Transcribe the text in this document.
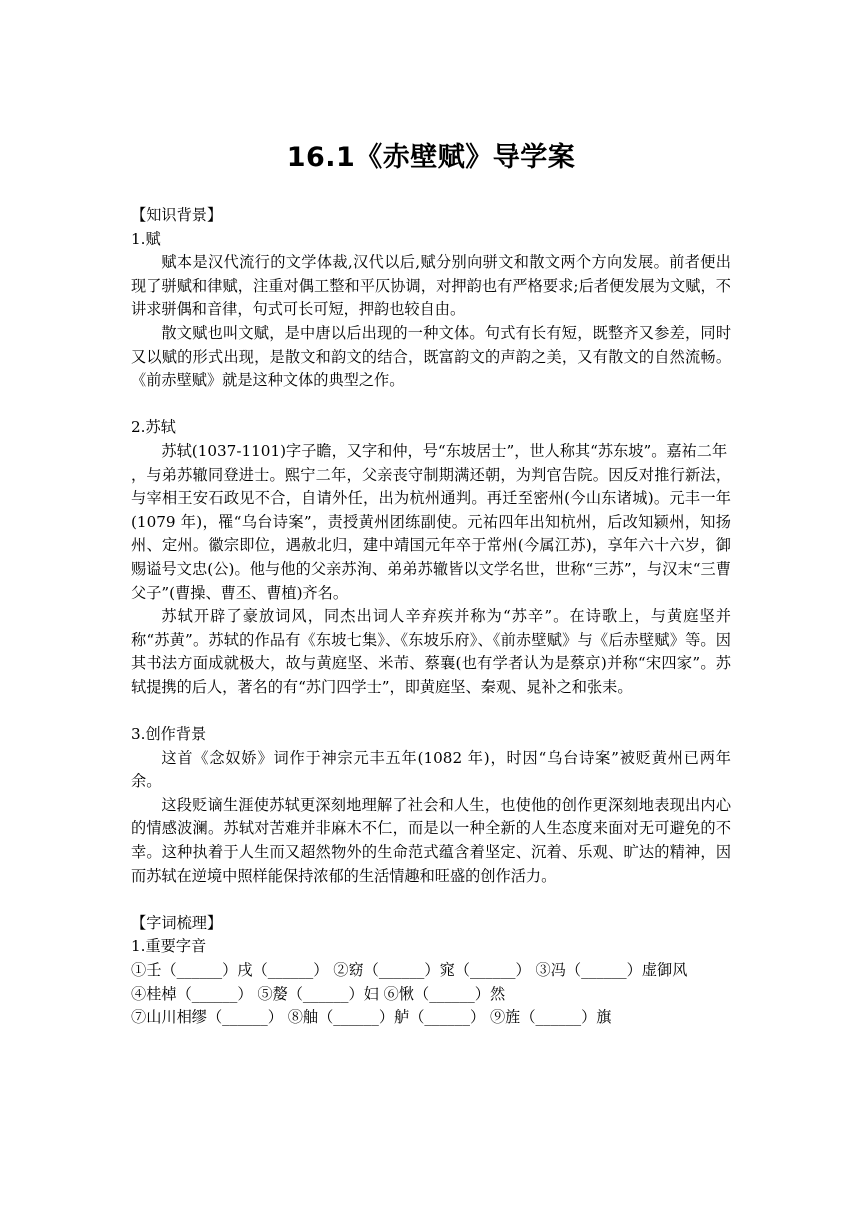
16.1《赤壁赋》导学案

【知识背景】

1.赋

赋本是汉代流行的文学体裁,汉代以后,赋分别向骈文和散文两个方向发展。前者便出现了骈赋和律赋，注重对偶工整和平仄协调，对押韵也有严格要求;后者便发展为文赋，不讲求骈偶和音律，句式可长可短，押韵也较自由。

散文赋也叫文赋，是中唐以后出现的一种文体。句式有长有短，既整齐又参差，同时又以赋的形式出现，是散文和韵文的结合，既富韵文的声韵之美，又有散文的自然流畅。《前赤壁赋》就是这种文体的典型之作。

2.苏轼

苏轼(1037-1101)字子瞻，又字和仲，号“东坡居士”，世人称其“苏东坡”。嘉祐二年

，与弟苏辙同登进士。熙宁二年，父亲丧守制期满还朝，为判官告院。因反对推行新法，与宰相王安石政见不合，自请外任，出为杭州通判。再迁至密州(今山东诸城)。元丰一年(1079 年)，罹“乌台诗案”，责授黄州团练副使。元祐四年出知杭州，后改知颍州，知扬州、定州。徽宗即位，遇赦北归，建中靖国元年卒于常州(今属江苏)，享年六十六岁，御赐谥号文忠(公)。他与他的父亲苏洵、弟弟苏辙皆以文学名世，世称“三苏”，与汉末“三曹父子”(曹操、曹丕、曹植)齐名。

苏轼开辟了豪放词风，同杰出词人辛弃疾并称为“苏辛”。在诗歌上，与黄庭坚并称“苏黄”。苏轼的作品有《东坡七集》、《东坡乐府》、《前赤壁赋》与《后赤壁赋》等。因其书法方面成就极大，故与黄庭坚、米芾、蔡襄(也有学者认为是蔡京)并称“宋四家”。苏轼提携的后人，著名的有“苏门四学士”，即黄庭坚、秦观、晁补之和张耒。

3.创作背景

这首《念奴娇》词作于神宗元丰五年(1082 年)，时因“乌台诗案”被贬黄州已两年余。

这段贬谪生涯使苏轼更深刻地理解了社会和人生，也使他的创作更深刻地表现出内心的情感波澜。苏轼对苦难并非麻木不仁，而是以一种全新的人生态度来面对无可避免的不幸。这种执着于人生而又超然物外的生命范式蕴含着坚定、沉着、乐观、旷达的精神，因而苏轼在逆境中照样能保持浓郁的生活情趣和旺盛的创作活力。

【字词梳理】

1.重要字音

①壬（______）戌（______） ②窈（______）窕（______） ③冯（______）虚御风

④桂棹（______） ⑤嫠（______）妇 ⑥愀（______）然

⑦山川相缪（______） ⑧舳（______）舻（______） ⑨旌（______）旗
